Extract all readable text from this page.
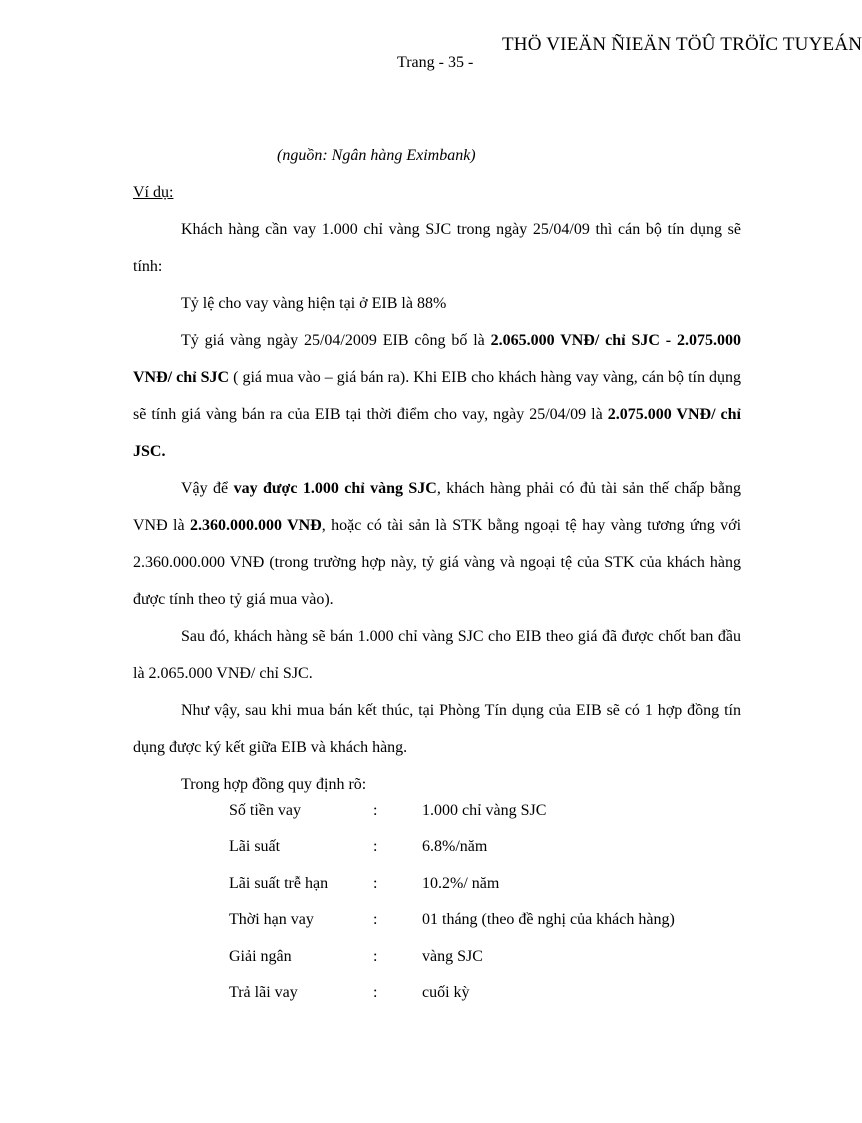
THÖ VIEÄN ÑIEÄN TÖÛ TRÖÏC TUYEÁN
Trang - 35 -
(nguồn: Ngân hàng Eximbank)
Ví dụ:

Khách hàng cần vay 1.000 chỉ vàng SJC trong ngày 25/04/09 thì cán bộ tín dụng sẽ tính:

Tỷ lệ cho vay vàng hiện tại ở EIB là 88%

Tỷ giá vàng ngày 25/04/2009 EIB công bố là 2.065.000 VNĐ/ chỉ SJC - 2.075.000 VNĐ/ chỉ SJC ( giá mua vào – giá bán ra). Khi EIB cho khách hàng vay vàng, cán bộ tín dụng sẽ tính giá vàng bán ra của EIB tại thời điểm cho vay, ngày 25/04/09 là 2.075.000 VNĐ/ chỉ JSC.

Vậy để vay được 1.000 chỉ vàng SJC, khách hàng phải có đủ tài sản thế chấp bằng VNĐ là 2.360.000.000 VNĐ, hoặc có tài sản là STK bằng ngoại tệ hay vàng tương ứng với 2.360.000.000 VNĐ (trong trường hợp này, tỷ giá vàng và ngoại tệ của STK của khách hàng được tính theo tỷ giá mua vào).

Sau đó, khách hàng sẽ bán 1.000 chỉ vàng SJC cho EIB theo giá đã được chốt ban đầu là 2.065.000 VNĐ/ chỉ SJC.

Như vậy, sau khi mua bán kết thúc, tại Phòng Tín dụng của EIB sẽ có 1 hợp đồng tín dụng được ký kết giữa EIB và khách hàng.

Trong hợp đồng quy định rõ:

Số tiền vay	:	1.000 chỉ vàng SJC
Lãi suất	:	6.8%/năm
Lãi suất trễ hạn	:	10.2%/ năm
Thời hạn vay	:	01 tháng (theo đề nghị của khách hàng)
Giải ngân	:	vàng SJC
Trả lãi vay	:	cuối kỳ
